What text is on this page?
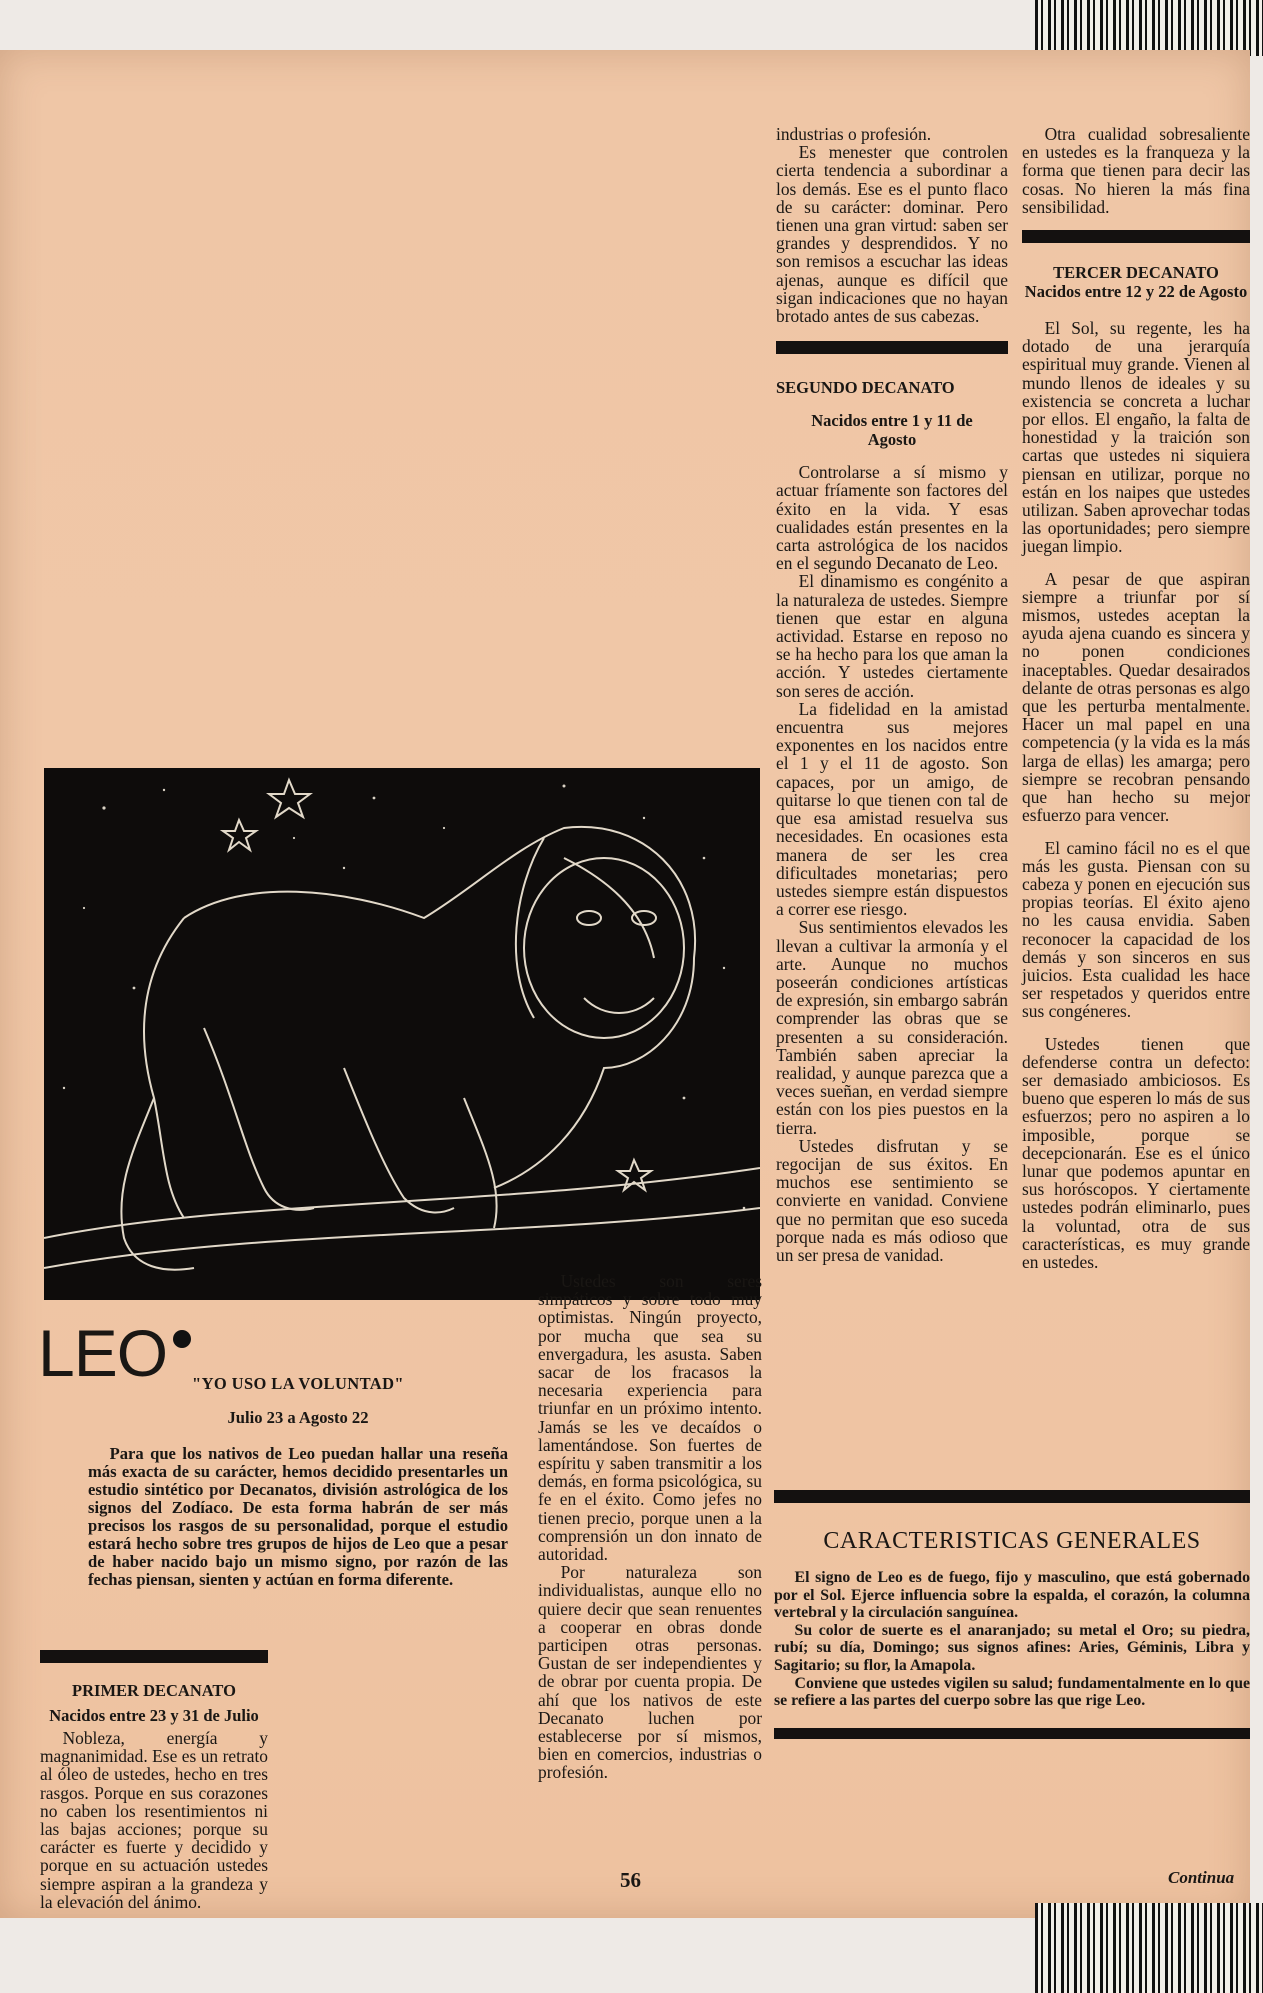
industrias o profesión.

Es menester que controlen cierta tendencia a subordinar a los demás. Ese es el punto flaco de su carácter: dominar. Pero tienen una gran virtud: saben ser grandes y desprendidos. Y no son remisos a escuchar las ideas ajenas, aunque es difícil que sigan indicaciones que no hayan brotado antes de sus cabezas.

SEGUNDO DECANATO

Nacidos entre 1 y 11 de Agosto

Controlarse a sí mismo y actuar fríamente son factores del éxito en la vida. Y esas cualidades están presentes en la carta astrológica de los nacidos en el segundo Decanato de Leo.

El dinamismo es congénito a la naturaleza de ustedes. Siempre tienen que estar en alguna actividad. Estarse en reposo no se ha hecho para los que aman la acción. Y ustedes ciertamente son seres de acción.

La fidelidad en la amistad encuentra sus mejores exponentes en los nacidos entre el 1 y el 11 de agosto. Son capaces, por un amigo, de quitarse lo que tienen con tal de que esa amistad resuelva sus necesidades. En ocasiones esta manera de ser les crea dificultades monetarias; pero ustedes siempre están dispuestos a correr ese riesgo.

Sus sentimientos elevados les llevan a cultivar la armonía y el arte. Aunque no muchos poseerán condiciones artísticas de expresión, sin embargo sabrán comprender las obras que se presenten a su consideración. También saben apreciar la realidad, y aunque parezca que a veces sueñan, en verdad siempre están con los pies puestos en la tierra.

Ustedes disfrutan y se regocijan de sus éxitos. En muchos ese sentimiento se convierte en vanidad. Conviene que no permitan que eso suceda porque nada es más odioso que un ser presa de vanidad.

Otra cualidad sobresaliente en ustedes es la franqueza y la forma que tienen para decir las cosas. No hieren la más fina sensibilidad.

TERCER DECANATO

Nacidos entre 12 y 22 de Agosto

El Sol, su regente, les ha dotado de una jerarquía espiritual muy grande. Vienen al mundo llenos de ideales y su existencia se concreta a luchar por ellos. El engaño, la falta de honestidad y la traición son cartas que ustedes ni siquiera piensan en utilizar, porque no están en los naipes que ustedes utilizan. Saben aprovechar todas las oportunidades; pero siempre juegan limpio.

A pesar de que aspiran siempre a triunfar por sí mismos, ustedes aceptan la ayuda ajena cuando es sincera y no ponen condiciones inaceptables. Quedar desairados delante de otras personas es algo que les perturba mentalmente. Hacer un mal papel en una competencia (y la vida es la más larga de ellas) les amarga; pero siempre se recobran pensando que han hecho su mejor esfuerzo para vencer.

El camino fácil no es el que más les gusta. Piensan con su cabeza y ponen en ejecución sus propias teorías. El éxito ajeno no les causa envidia. Saben reconocer la capacidad de los demás y son sinceros en sus juicios. Esta cualidad les hace ser respetados y queridos entre sus congéneres.

Ustedes tienen que defenderse contra un defecto: ser demasiado ambiciosos. Es bueno que esperen lo más de sus esfuerzos; pero no aspiren a lo imposible, porque se decepcionarán. Ese es el único lunar que podemos apuntar en sus horóscopos. Y ciertamente ustedes podrán eliminarlo, pues la voluntad, otra de sus características, es muy grande en ustedes.

LEO	"YO USO LA VOLUNTAD"

Julio 23 a Agosto 22

Para que los nativos de Leo puedan hallar una reseña más exacta de su carácter, hemos decidido presentarles un estudio sintético por Decanatos, división astrológica de los signos del Zodíaco. De esta forma habrán de ser más precisos los rasgos de su personalidad, porque el estudio estará hecho sobre tres grupos de hijos de Leo que a pesar de haber nacido bajo un mismo signo, por razón de las fechas piensan, sienten y actúan en forma diferente.

PRIMER DECANATO

Nacidos entre 23 y 31 de Julio

Nobleza, energía y magnanimidad. Ese es un retrato al óleo de ustedes, hecho en tres rasgos. Porque en sus corazones no caben los resentimientos ni las bajas acciones; porque su carácter es fuerte y decidido y porque en su actuación ustedes siempre aspiran a la grandeza y la elevación del ánimo.

Ustedes son seres simpáticos y sobre todo muy optimistas. Ningún proyecto, por mucha que sea su envergadura, les asusta. Saben sacar de los fracasos la necesaria experiencia para triunfar en un próximo intento. Jamás se les ve decaídos o lamentándose. Son fuertes de espíritu y saben transmitir a los demás, en forma psicológica, su fe en el éxito. Como jefes no tienen precio, porque unen a la comprensión un don innato de autoridad.

Por naturaleza son individualistas, aunque ello no quiere decir que sean renuentes a cooperar en obras donde participen otras personas. Gustan de ser independientes y de obrar por cuenta propia. De ahí que los nativos de este Decanato luchen por establecerse por sí mismos, bien en comercios, industrias o profesión.

CARACTERISTICAS GENERALES

El signo de Leo es de fuego, fijo y masculino, que está gobernado por el Sol. Ejerce influencia sobre la espalda, el corazón, la columna vertebral y la circulación sanguínea.

Su color de suerte es el anaranjado; su metal el Oro; su piedra, rubí; su día, Domingo; sus signos afines: Aries, Géminis, Libra y Sagitario; su flor, la Amapola.

Conviene que ustedes vigilen su salud; fundamentalmente en lo que se refiere a las partes del cuerpo sobre las que rige Leo.

56	Continua
